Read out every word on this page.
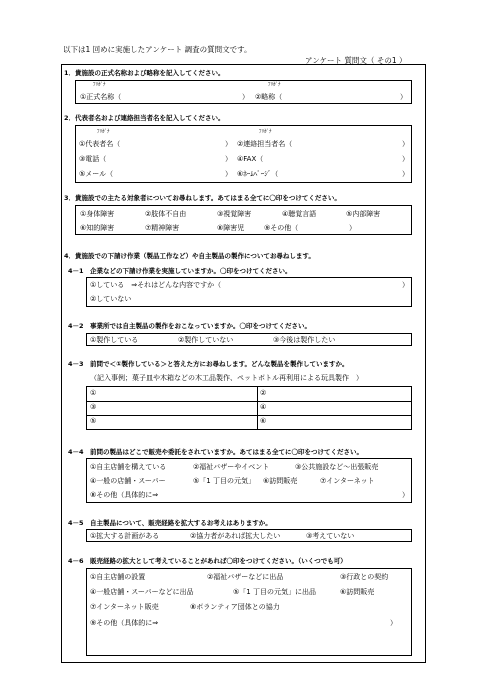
以下は1 回めに実施したアンケート 調査の質問文です。
アンケート 質問文（ その1 ）
1．貴施設の正式名称および略称を記入してください。
ﾌﾘｶﾞﾅ	ﾌﾘｶﾞﾅ
①正式名称（	） ②略称（	）
2．代表者名および連絡担当者名を記入してください。
ﾌﾘｶﾞﾅ	ﾌﾘｶﾞﾅ
①代表者名（	） ②連絡担当者名（	）
③電話（	） ④FAX（	）
⑤メール（	） ⑥ﾎｰﾑﾍﾟｰｼﾞ（	）
3．貴施設での主たる対象者についてお尋ねします。あてはまる全てに〇印をつけてください。
①身体障害	②肢体不自由	③視覚障害	④聴覚言語	⑤内部障害
⑥知的障害	⑦精神障害	⑧障害児	⑨その他（	）
4．貴施設での下請け作業（製品工作など）や自主製品の製作についてお尋ねします。
4－1　企業などの下請け作業を実施していますか。〇印をつけてください。
①している　⇒それはどんな内容ですか（	）
②していない
4－2　事業所では自主製品の製作をおこなっていますか。〇印をつけてください。
①製作している	②製作していない	③今後は製作したい
4－3　前問で＜①製作している＞と答えた方にお尋ねします。どんな製品を製作していますか。
（記入事例；菓子皿や木箱などの木工品製作、ペットボトル再利用による玩具製作　）
①	②
③	④
⑤	⑥
4－4　前問の製品はどこで販売や委託をされていますか。あてはまる全てに〇印をつけてください。
①自主店舗を構えている	②福祉バザーやイベント	③公共施設など〜出張販売
④一般の店舗・スーパー	⑤「1 丁目の元気」 ⑥訪問販売	⑦インターネット
⑧その他（具体的に⇒	）
4－5　自主製品について、販売経路を拡大するお考えはありますか。
①拡大する計画がある	②協力者があれば拡大したい	③考えていない
4－6　販売経路の拡大として考えていることがあれば〇印をつけてください。（いくつでも可）
①自主店舗の設置	②福祉バザーなどに出品	③行政との契約
④一般店舗・スーパーなどに出品	⑤「1 丁目の元気」に出品	⑥訪問販売
⑦インターネット販売	⑧ボランティア団体との協力
⑨その他（具体的に⇒	）
